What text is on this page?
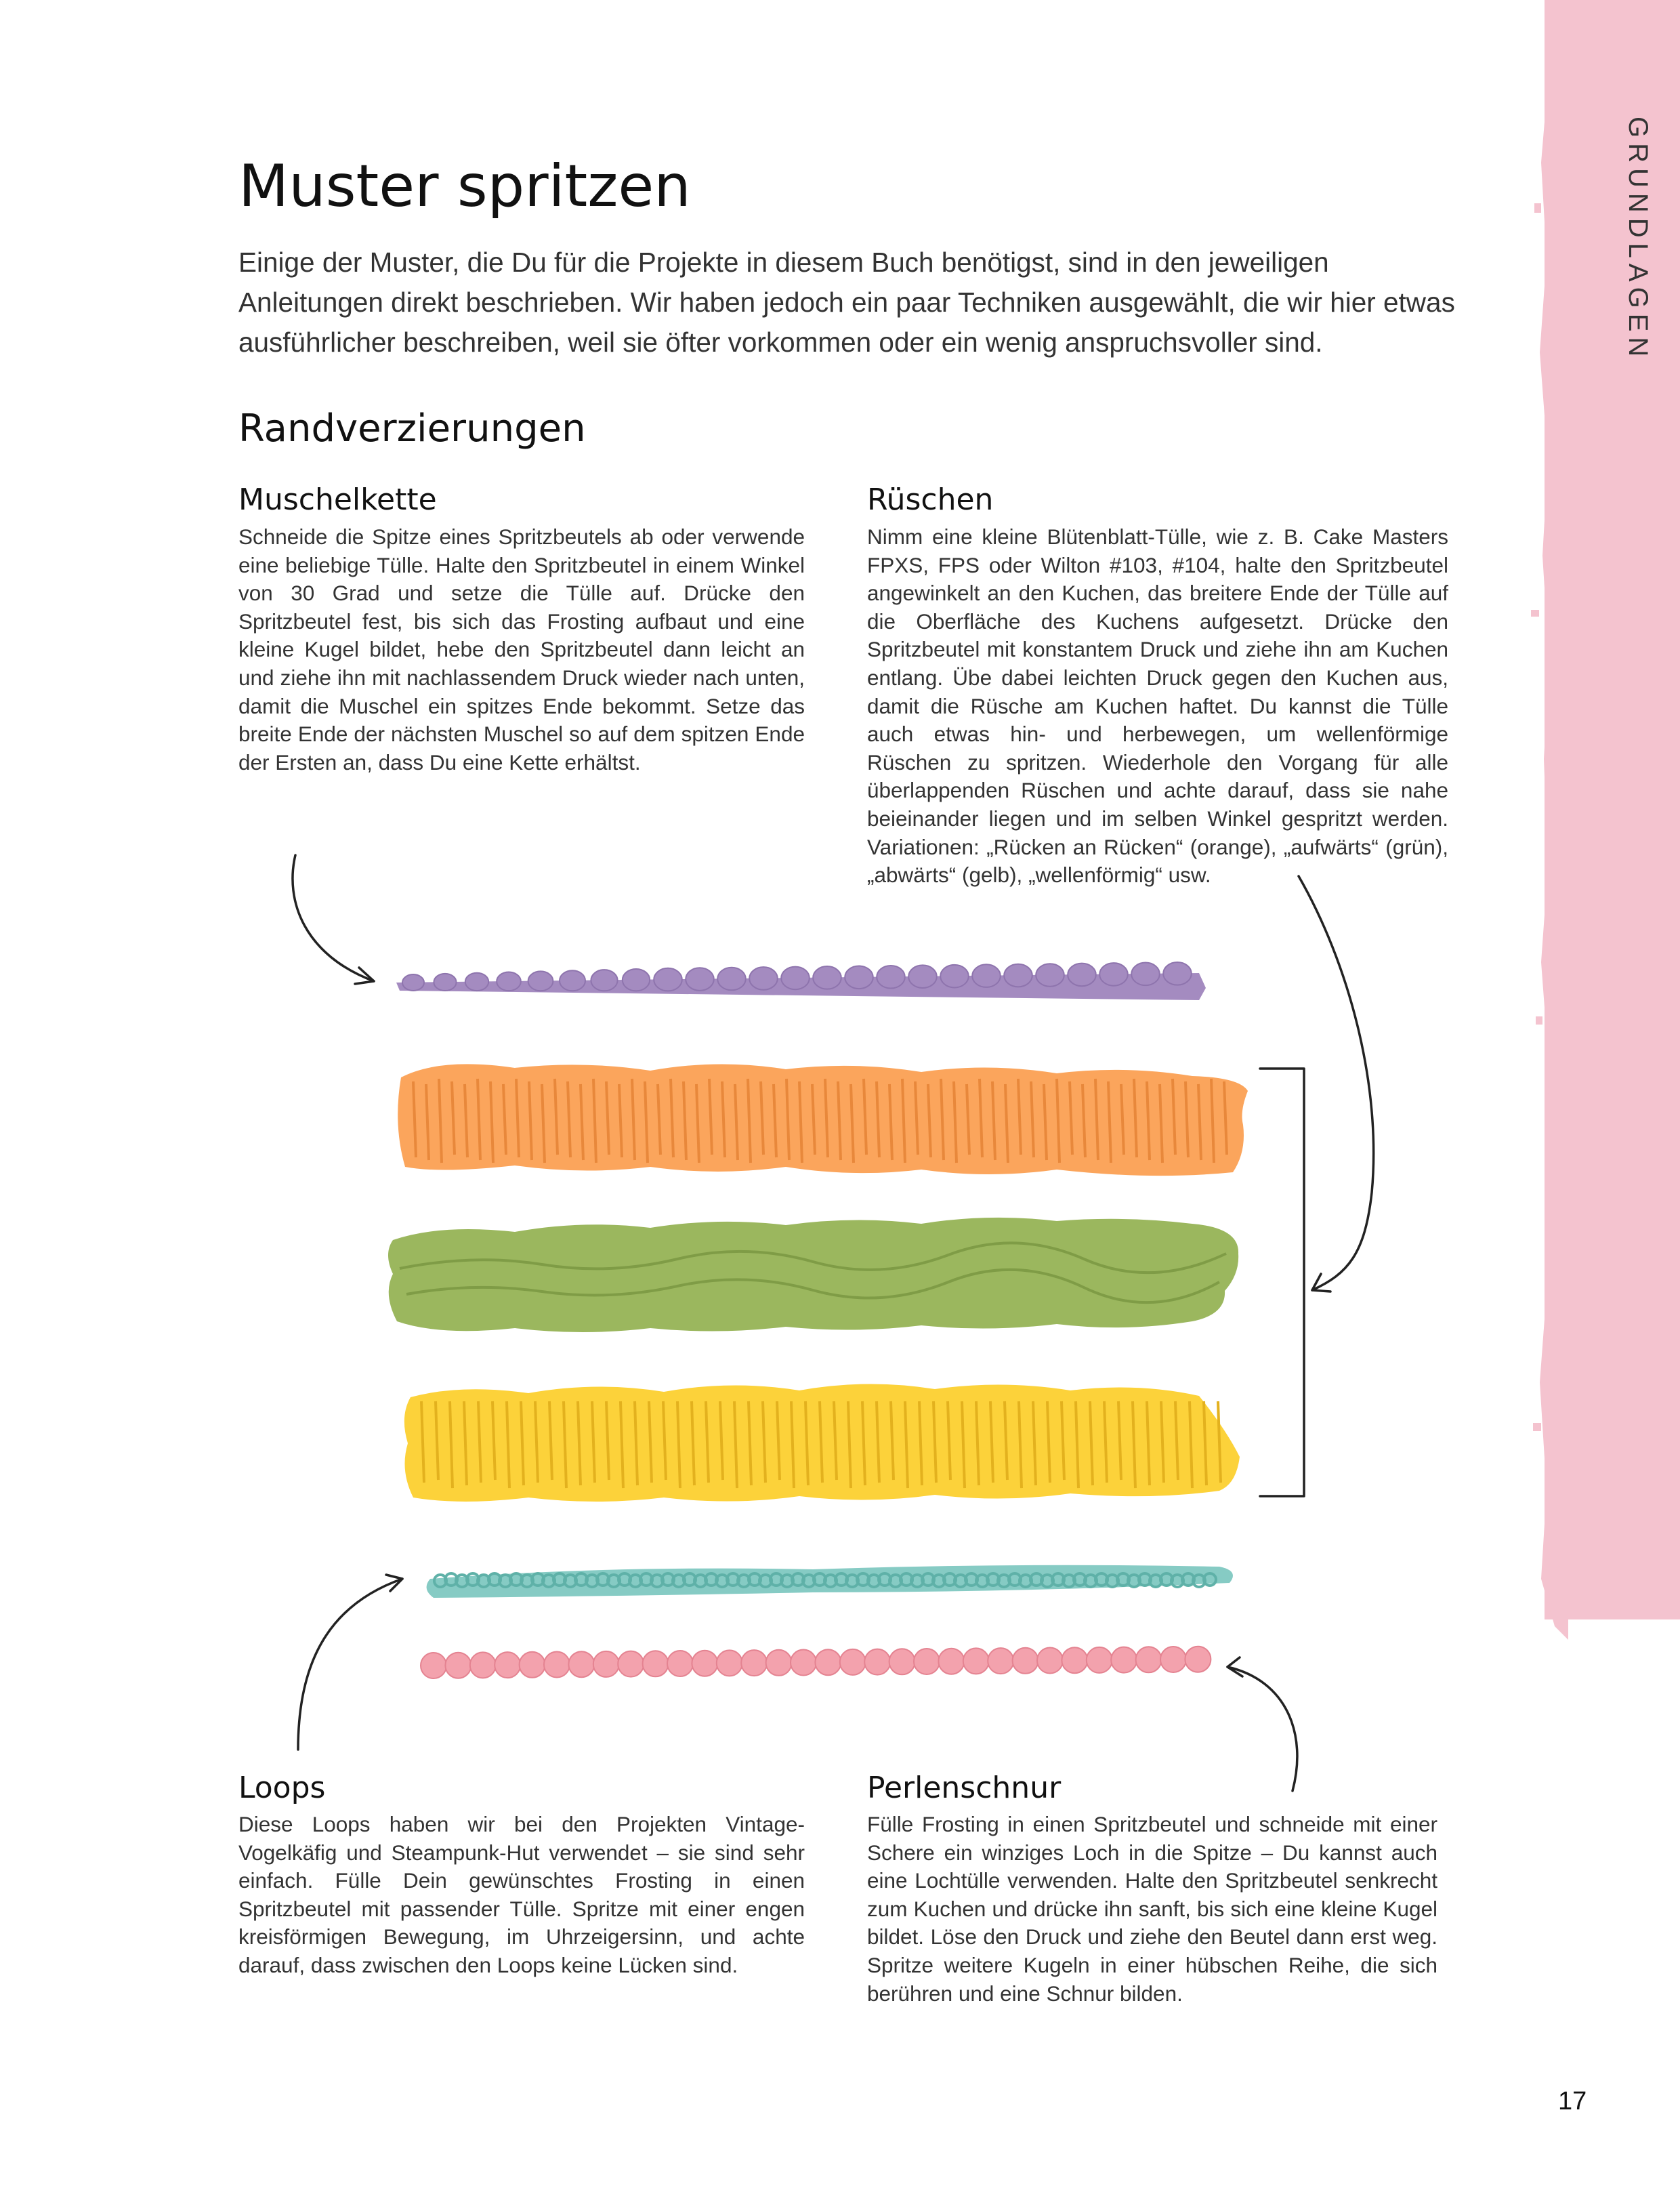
GRUNDLAGEN
Muster spritzen

Einige der Muster, die Du für die Projekte in diesem Buch benötigst, sind in den jeweiligen Anleitungen direkt beschrieben. Wir haben jedoch ein paar Techniken ausgewählt, die wir hier etwas ausführlicher beschreiben, weil sie öfter vorkommen oder ein wenig anspruchsvoller sind.

Randverzierungen
Muschelkette

Schneide die Spitze eines Spritzbeutels ab oder verwende eine beliebige Tülle. Halte den Spritzbeutel in einem Winkel von 30 Grad und setze die Tülle auf. Drücke den Spritzbeutel fest, bis sich das Frosting aufbaut und eine kleine Kugel bildet, hebe den Spritzbeutel dann leicht an und ziehe ihn mit nachlassendem Druck wieder nach unten, damit die Muschel ein spitzes Ende bekommt. Setze das breite Ende der nächsten Muschel so auf dem spitzen Ende der Ersten an, dass Du eine Kette erhältst.

Rüschen

Nimm eine kleine Blütenblatt-Tülle, wie z. B. Cake Masters FPXS, FPS oder Wilton #103, #104, halte den Spritzbeutel angewinkelt an den Kuchen, das breitere Ende der Tülle auf die Oberfläche des Kuchens aufgesetzt. Drücke den Spritzbeutel mit konstantem Druck und ziehe ihn am Kuchen entlang. Übe dabei leichten Druck gegen den Kuchen aus, damit die Rüsche am Kuchen haftet. Du kannst die Tülle auch etwas hin- und herbewegen, um wellenförmige Rüschen zu spritzen. Wiederhole den Vorgang für alle überlappenden Rüschen und achte darauf, dass sie nahe beieinander liegen und im selben Winkel gespritzt werden. Variationen: „Rücken an Rücken“ (orange), „aufwärts“ (grün), „abwärts“ (gelb), „wellenförmig“ usw.

Loops

Diese Loops haben wir bei den Projekten Vintage-Vogelkäfig und Steampunk-Hut verwendet – sie sind sehr einfach. Fülle Dein gewünschtes Frosting in einen Spritzbeutel mit passender Tülle. Spritze mit einer engen kreisförmigen Bewegung, im Uhrzeigersinn, und achte darauf, dass zwischen den Loops keine Lücken sind.

Perlenschnur

Fülle Frosting in einen Spritzbeutel und schneide mit einer Schere ein winziges Loch in die Spitze – Du kannst auch eine Lochtülle verwenden. Halte den Spritzbeutel senkrecht zum Kuchen und drücke ihn sanft, bis sich eine kleine Kugel bildet. Löse den Druck und ziehe den Beutel dann erst weg. Spritze weitere Kugeln in einer hübschen Reihe, die sich berühren und eine Schnur bilden.

17
